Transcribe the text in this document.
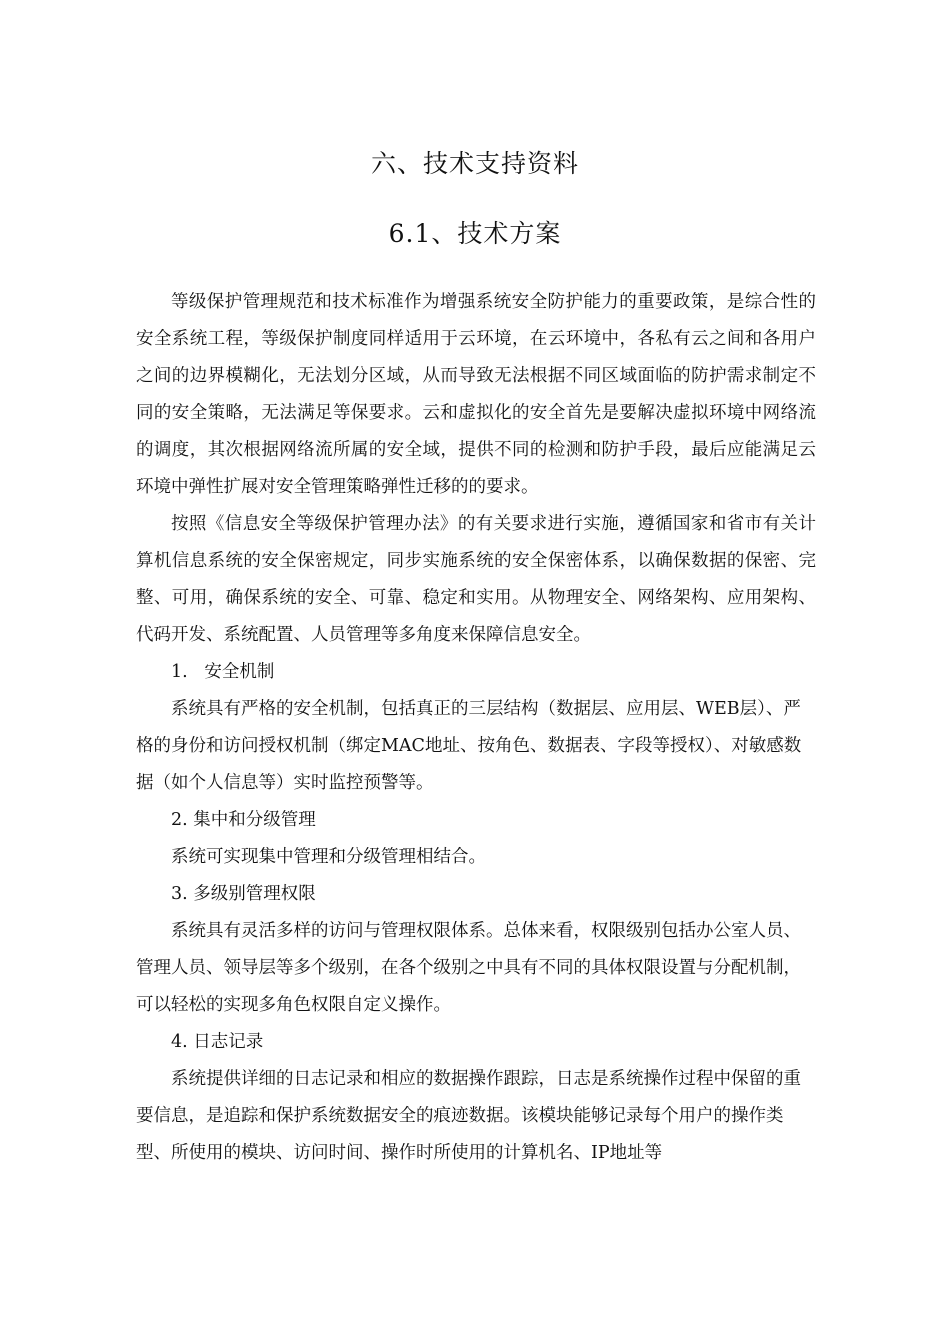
六、技术支持资料
6.1、技术方案

等级保护管理规范和技术标准作为增强系统安全防护能力的重要政策，是综合性的安全系统工程，等级保护制度同样适用于云环境，在云环境中，各私有云之间和各用户之间的边界模糊化，无法划分区域，从而导致无法根据不同区域面临的防护需求制定不同的安全策略，无法满足等保要求。云和虚拟化的安全首先是要解决虚拟环境中网络流的调度，其次根据网络流所属的安全域，提供不同的检测和防护手段，最后应能满足云环境中弹性扩展对安全管理策略弹性迁移的的要求。

按照《信息安全等级保护管理办法》的有关要求进行实施，遵循国家和省市有关计算机信息系统的安全保密规定，同步实施系统的安全保密体系，以确保数据的保密、完整、可用，确保系统的安全、可靠、稳定和实用。从物理安全、网络架构、应用架构、代码开发、系统配置、人员管理等多角度来保障信息安全。

1.   安全机制

系统具有严格的安全机制，包括真正的三层结构（数据层、应用层、WEB层）、严格的身份和访问授权机制（绑定MAC地址、按角色、数据表、字段等授权）、对敏感数据（如个人信息等）实时监控预警等。

2. 集中和分级管理

系统可实现集中管理和分级管理相结合。

3. 多级别管理权限

系统具有灵活多样的访问与管理权限体系。总体来看，权限级别包括办公室人员、管理人员、领导层等多个级别，在各个级别之中具有不同的具体权限设置与分配机制，可以轻松的实现多角色权限自定义操作。

4. 日志记录

系统提供详细的日志记录和相应的数据操作跟踪，日志是系统操作过程中保留的重要信息，是追踪和保护系统数据安全的痕迹数据。该模块能够记录每个用户的操作类型、所使用的模块、访问时间、操作时所使用的计算机名、IP地址等
